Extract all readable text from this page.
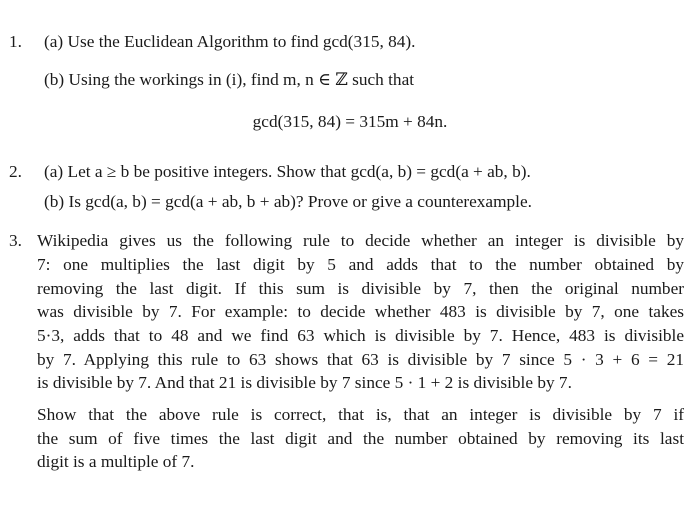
1. (a) Use the Euclidean Algorithm to find gcd(315, 84).
(b) Using the workings in (i), find m, n ∈ ℤ such that
gcd(315, 84) = 315m + 84n.
2. (a) Let a ≥ b be positive integers. Show that gcd(a, b) = gcd(a + ab, b).
(b) Is gcd(a, b) = gcd(a + ab, b + ab)? Prove or give a counterexample.
3. Wikipedia gives us the following rule to decide whether an integer is divisible by
7: one multiplies the last digit by 5 and adds that to the number obtained by
removing the last digit. If this sum is divisible by 7, then the original number
was divisible by 7. For example: to decide whether 483 is divisible by 7, one takes
5·3, adds that to 48 and we find 63 which is divisible by 7. Hence, 483 is divisible
by 7. Applying this rule to 63 shows that 63 is divisible by 7 since 5 · 3 + 6 = 21
is divisible by 7. And that 21 is divisible by 7 since 5 · 1 + 2 is divisible by 7.
Show that the above rule is correct, that is, that an integer is divisible by 7 if
the sum of five times the last digit and the number obtained by removing its last
digit is a multiple of 7.
